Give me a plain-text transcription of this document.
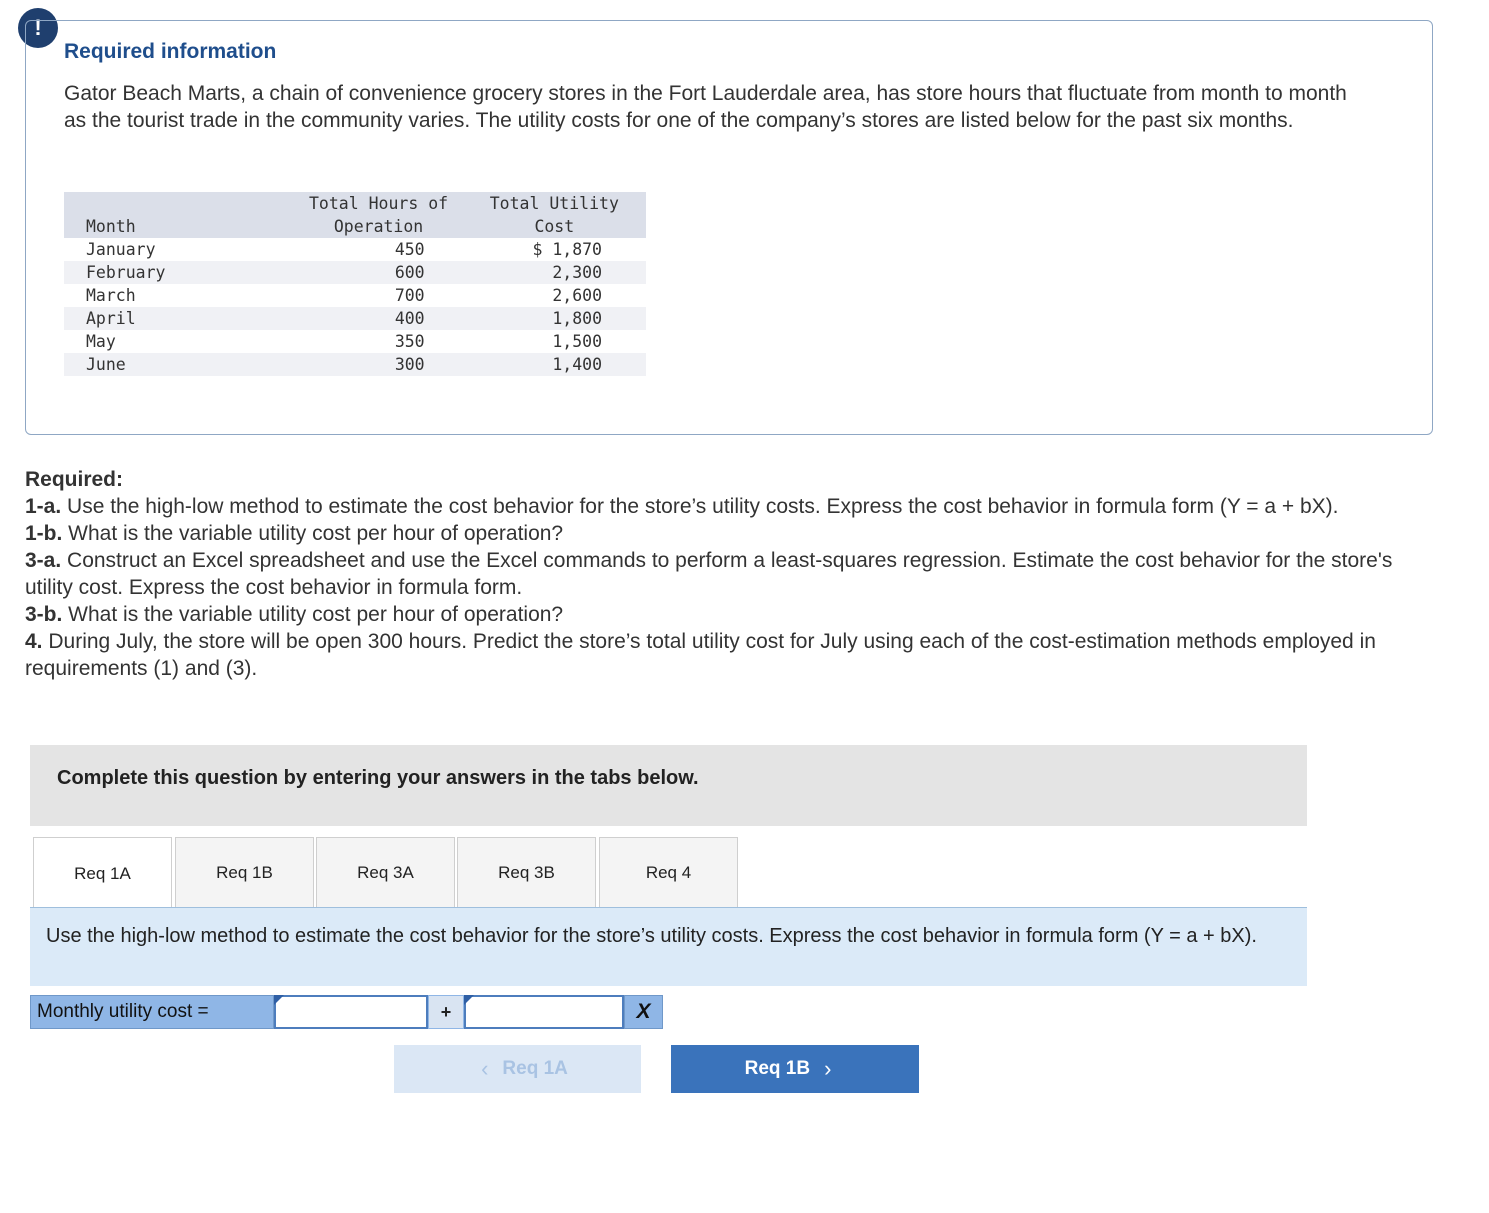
!
Required information
Gator Beach Marts, a chain of convenience grocery stores in the Fort Lauderdale area, has store hours that fluctuate from month to month as the tourist trade in the community varies. The utility costs for one of the company’s stores are listed below for the past six months.
Month	Total Hours of	Total Utility
	Operation	Cost
January	450	$ 1,870
February	600	2,300
March	700	2,600
April	400	1,800
May	350	1,500
June	300	1,400
Required:
1-a. Use the high-low method to estimate the cost behavior for the store’s utility costs. Express the cost behavior in formula form (Y = a + bX).
1-b. What is the variable utility cost per hour of operation?
3-a. Construct an Excel spreadsheet and use the Excel commands to perform a least-squares regression. Estimate the cost behavior for the store's utility cost. Express the cost behavior in formula form.
3-b. What is the variable utility cost per hour of operation?
4. During July, the store will be open 300 hours. Predict the store’s total utility cost for July using each of the cost-estimation methods employed in requirements (1) and (3).
Complete this question by entering your answers in the tabs below.
Req 1A	Req 1B	Req 3A	Req 3B	Req 4
Use the high-low method to estimate the cost behavior for the store’s utility costs. Express the cost behavior in formula form (Y = a + bX).
Monthly utility cost =	+	X
‹ Req 1A	Req 1B ›
